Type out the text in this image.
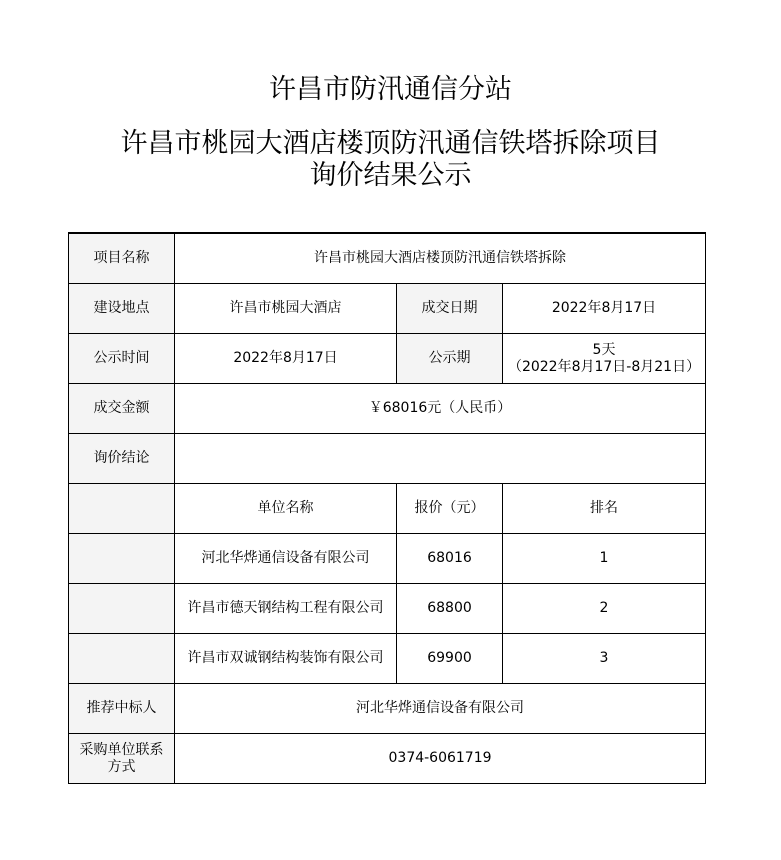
许昌市防汛通信分站
许昌市桃园大酒店楼顶防汛通信铁塔拆除项目
询价结果公示
项目名称	许昌市桃园大酒店楼顶防汛通信铁塔拆除		
建设地点	许昌市桃园大酒店	成交日期	2022年8月17日
公示时间	2022年8月17日	公示期	5天
（2022年8月17日-8月21日）

成交金额	￥68016元（人民币）		
询价结论			
	单位名称	报价（元）	排名
	河北华烨通信设备有限公司	68016	1
	许昌市德天钢结构工程有限公司	68800	2
	许昌市双诚钢结构装饰有限公司	69900	3
推荐中标人	河北华烨通信设备有限公司		

采购单位联系
方式	0374-6061719		
